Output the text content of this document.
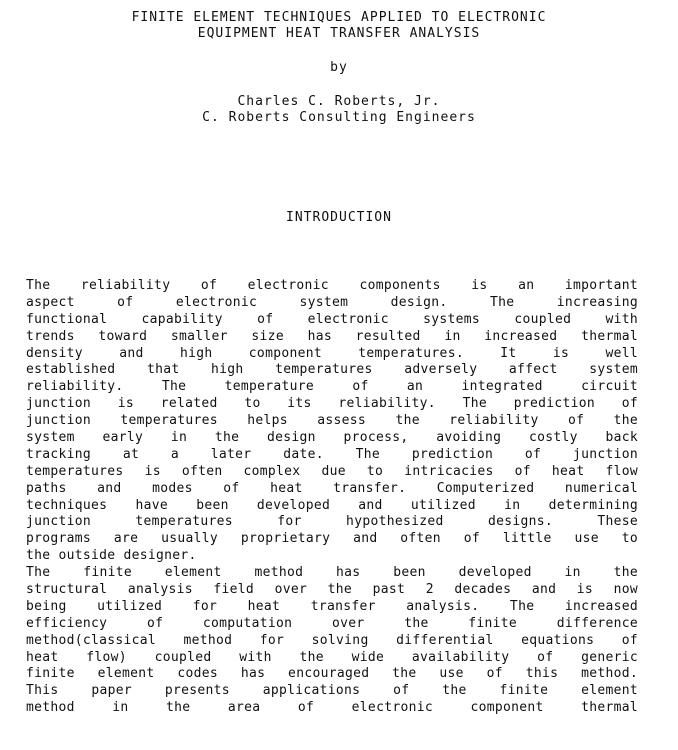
FINITE ELEMENT TECHNIQUES APPLIED TO ELECTRONIC
EQUIPMENT HEAT TRANSFER ANALYSIS
by
Charles C. Roberts, Jr.
C. Roberts Consulting Engineers
INTRODUCTION
The reliability of electronic components is an important
aspect of electronic system design. The increasing
functional capability of electronic systems coupled with
trends toward smaller size has resulted in increased thermal
density and high component temperatures. It is well
established that high temperatures adversely affect system
reliability. The temperature of an integrated circuit
junction is related to its reliability. The prediction of
junction temperatures helps assess the reliability of the
system early in the design process, avoiding costly back
tracking at a later date. The prediction of junction
temperatures is often complex due to intricacies of heat flow
paths and modes of heat transfer. Computerized numerical
techniques have been developed and utilized in determining
junction temperatures for hypothesized designs. These
programs are usually proprietary and often of little use to
the outside designer.
The finite element method has been developed in the
structural analysis field over the past 2 decades and is now
being utilized for heat transfer analysis. The increased
efficiency of computation over the finite difference
method(classical method for solving differential equations of
heat flow) coupled with the wide availability of generic
finite element codes has encouraged the use of this method.
This paper presents applications of the finite element
method in the area of electronic component thermal
